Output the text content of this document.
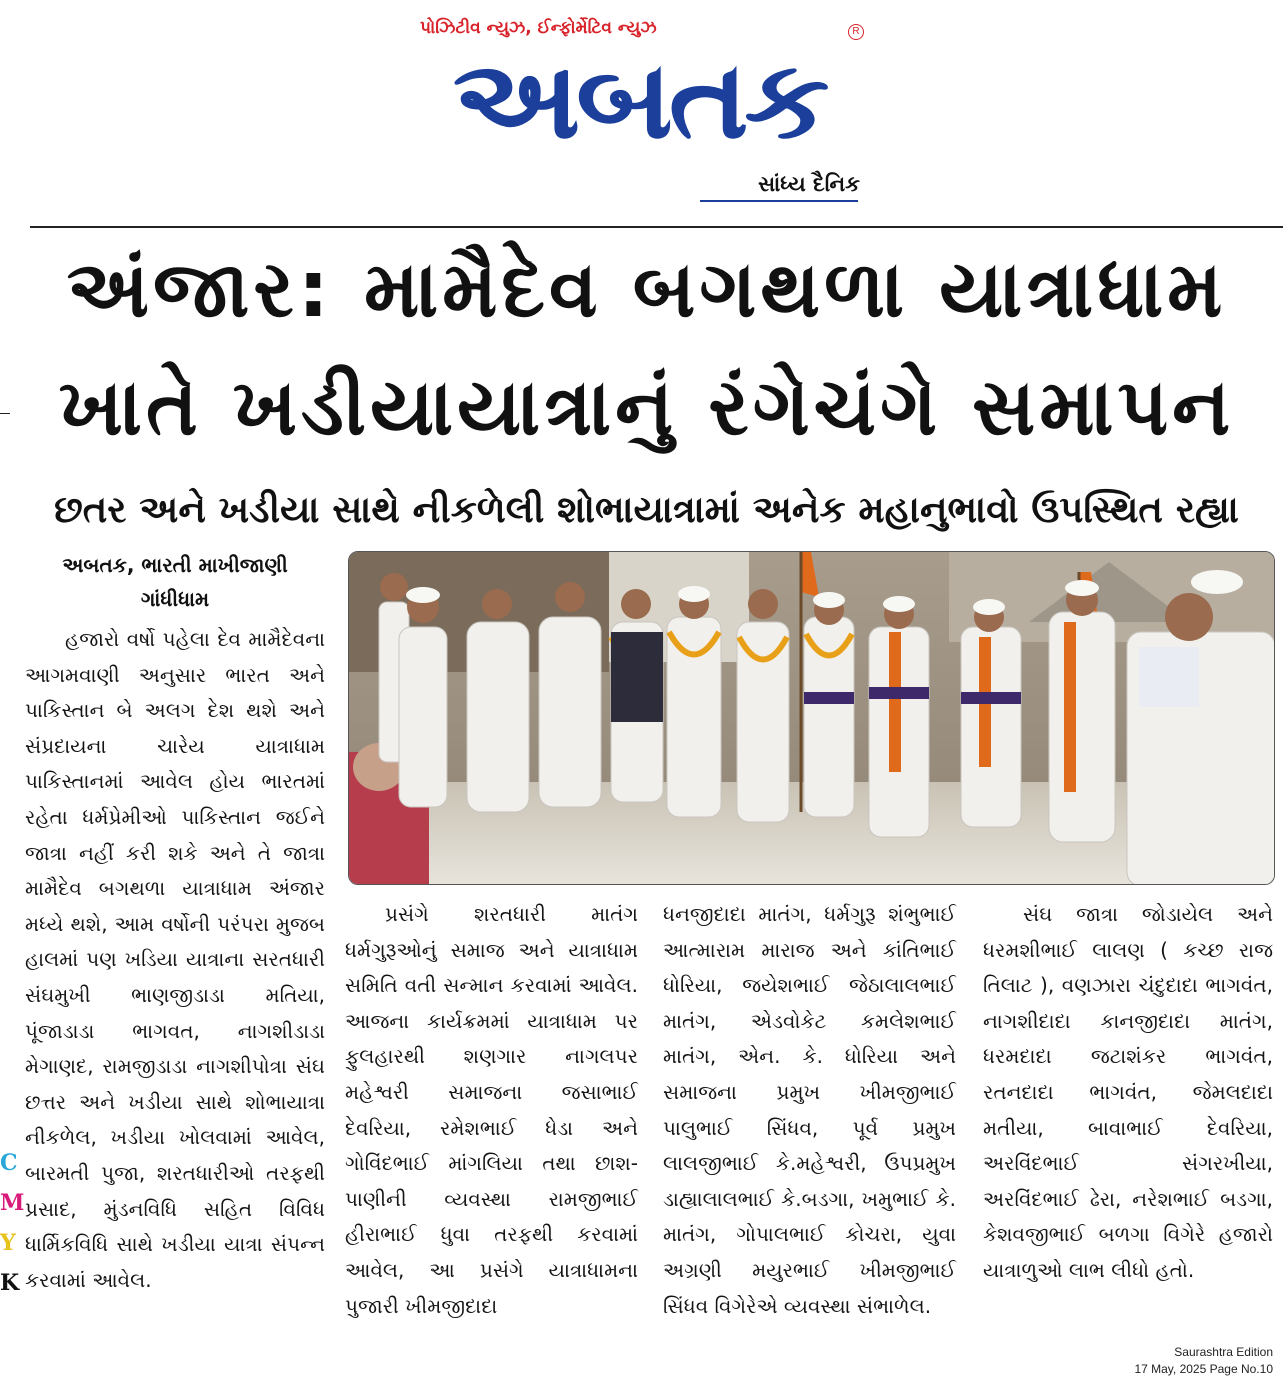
પોઝિટીવ ન્યુઝ, ઈન્ફોર્મેટિવ ન્યુઝ	R
અબતક
સાંધ્ય દૈનિક
અંજાર: મામૈદેવ બગથળા યાત્રાધામ
ખાતે ખડીયાયાત્રાનું રંગેચંગે સમાપન
છતર અને ખડીયા સાથે નીકળેલી શોભાયાત્રામાં અનેક મહાનુભાવો ઉપસ્થિત રહ્યા
અબતક, ભારતી માખીજાણી
ગાંધીધામ

હજારો વર્ષો પહેલા દેવ મામૈદેવના આગમવાણી અનુસાર ભારત અને પાકિસ્તાન બે અલગ દેશ થશે અને સંપ્રદાયના ચારેય યાત્રાધામ પાકિસ્તાનમાં આવેલ હોય ભારતમાં રહેતા ધર્મપ્રેમીઓ પાકિસ્તાન જઈને જાત્રા નહીં કરી શકે અને તે જાત્રા મામૈદેવ બગથળા યાત્રાધામ અંજાર મધ્યે થશે, આમ વર્ષોની પરંપરા મુજબ હાલમાં પણ ખડિયા યાત્રાના સરતધારી સંઘમુખી ભાણજીડાડા મતિયા, પૂંજાડાડા ભાગવત, નાગશીડાડા મેગાણદ, રામજીડાડા નાગશીપોત્રા સંઘ છત્તર અને ખડીયા સાથે શોભાયાત્રા નીકળેલ, ખડીયા ખોલવામાં આવેલ, બારમતી પુજા, શરતધારીઓ તરફથી પ્રસાદ, મુંડનવિધિ સહિત વિવિધ ધાર્મિકવિધિ સાથે ખડીયા યાત્રા સંપન્ન કરવામાં આવેલ.

પ્રસંગે શરતધારી માતંગ ધર્મગુરૂઓનું સમાજ અને યાત્રાધામ સમિતિ વતી સન્માન કરવામાં આવેલ. આજના કાર્યક્રમમાં યાત્રાધામ પર ફુલહારથી શણગાર નાગલપર મહેશ્વરી સમાજના જસાભાઈ દેવરિયા, રમેશભાઈ ધેડા અને ગોવિંદભાઈ માંગલિયા તથા છાશ-પાણીની વ્યવસ્થા રામજીભાઈ હીરાભાઈ ધુવા તરફથી કરવામાં આવેલ, આ પ્રસંગે યાત્રાધામના પુજારી ખીમજીદાદા

ધનજીદાદા માતંગ, ધર્મગુરૂ શંભુભાઈ આત્મારામ મારાજ અને કાંતિભાઈ ધોરિયા, જયેશભાઈ જેઠાલાલભાઈ માતંગ, એડવોકેટ કમલેશભાઈ માતંગ, એન. કે. ધોરિયા અને સમાજના પ્રમુખ ખીમજીભાઈ પાલુભાઈ સિંધવ, પૂર્વ પ્રમુખ લાલજીભાઈ કે.મહેશ્વરી, ઉપપ્રમુખ ડાહ્યાલાલભાઈ કે.બડગા, ખમુભાઈ કે. માતંગ, ગોપાલભાઈ કોચરા, યુવા અગ્રણી મયુરભાઈ ખીમજીભાઈ સિંધવ વિગેરેએ વ્યવસ્થા સંભાળેલ.

સંઘ જાત્રા જોડાયેલ અને ધરમશીભાઈ લાલણ ( કચ્છ રાજ તિલાટ ), વણઝારા ચંદુદાદા ભાગવંત, નાગશીદાદા કાનજીદાદા માતંગ, ધરમદાદા જટાશંકર ભાગવંત, રતનદાદા ભાગવંત, જેમલદાદા મતીયા, બાવાભાઈ દેવરિયા, અરવિંદભાઈ સંગરખીયા, અરવિંદભાઈ ઢેરા, નરેશભાઈ બડગા, કેશવજીભાઈ બળગા વિગેરે હજારો યાત્રાળુઓ લાભ લીધો હતો.

C
M
Y
K
Saurashtra Edition
17 May, 2025 Page No.10
